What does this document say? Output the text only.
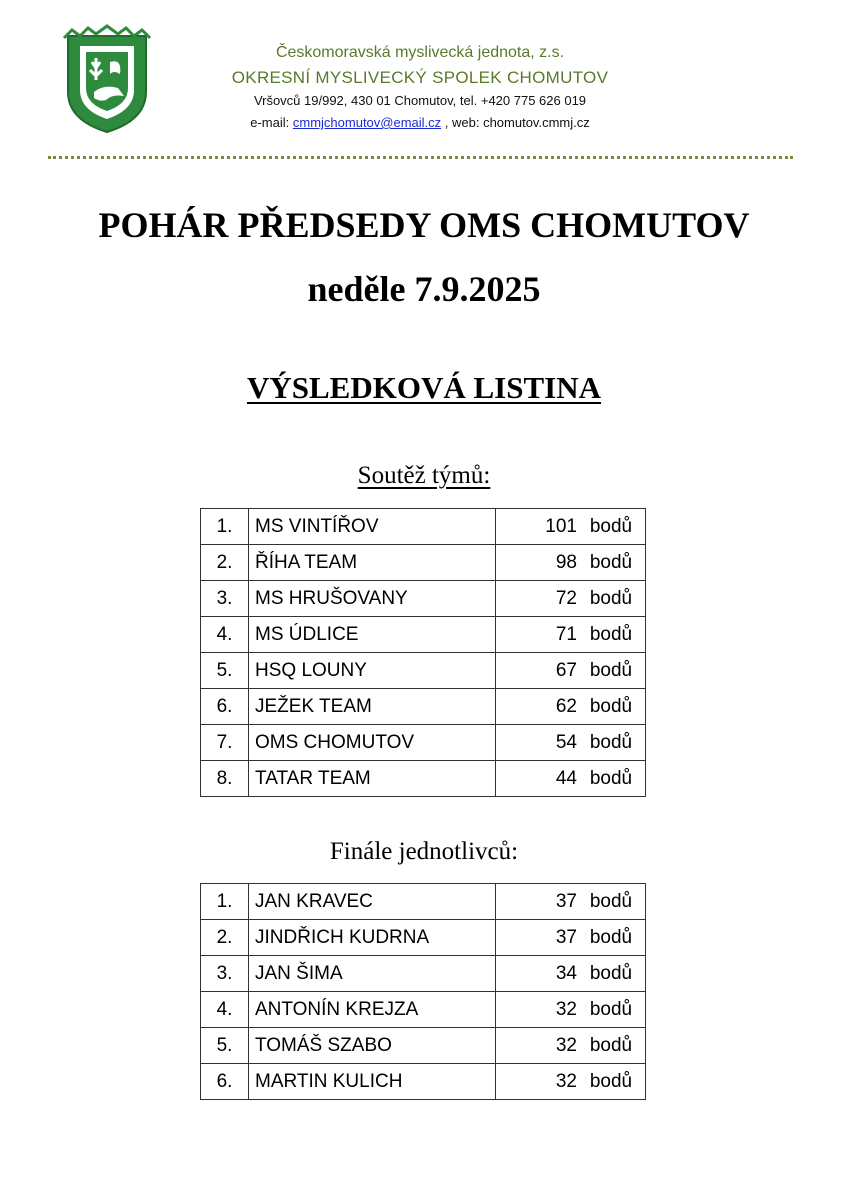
Českomoravská myslivecká jednota, z.s.
OKRESNÍ MYSLIVECKÝ SPOLEK CHOMUTOV
Vršovců 19/992, 430 01 Chomutov, tel. +420 775 626 019
e-mail: cmmjchomutov@email.cz , web: chomutov.cmmj.cz
POHÁR PŘEDSEDY OMS CHOMUTOV
neděle 7.9.2025
VÝSLEDKOVÁ LISTINA
Soutěž týmů:
1.	MS VINTÍŘOV	101 bodů
2.	ŘÍHA TEAM	98 bodů
3.	MS HRUŠOVANY	72 bodů
4.	MS ÚDLICE	71 bodů
5.	HSQ LOUNY	67 bodů
6.	JEŽEK TEAM	62 bodů
7.	OMS CHOMUTOV	54 bodů
8.	TATAR TEAM	44 bodů
Finále jednotlivců:
1.	JAN KRAVEC	37 bodů
2.	JINDŘICH KUDRNA	37 bodů
3.	JAN ŠIMA	34 bodů
4.	ANTONÍN KREJZA	32 bodů
5.	TOMÁŠ SZABO	32 bodů
6.	MARTIN KULICH	32 bodů
